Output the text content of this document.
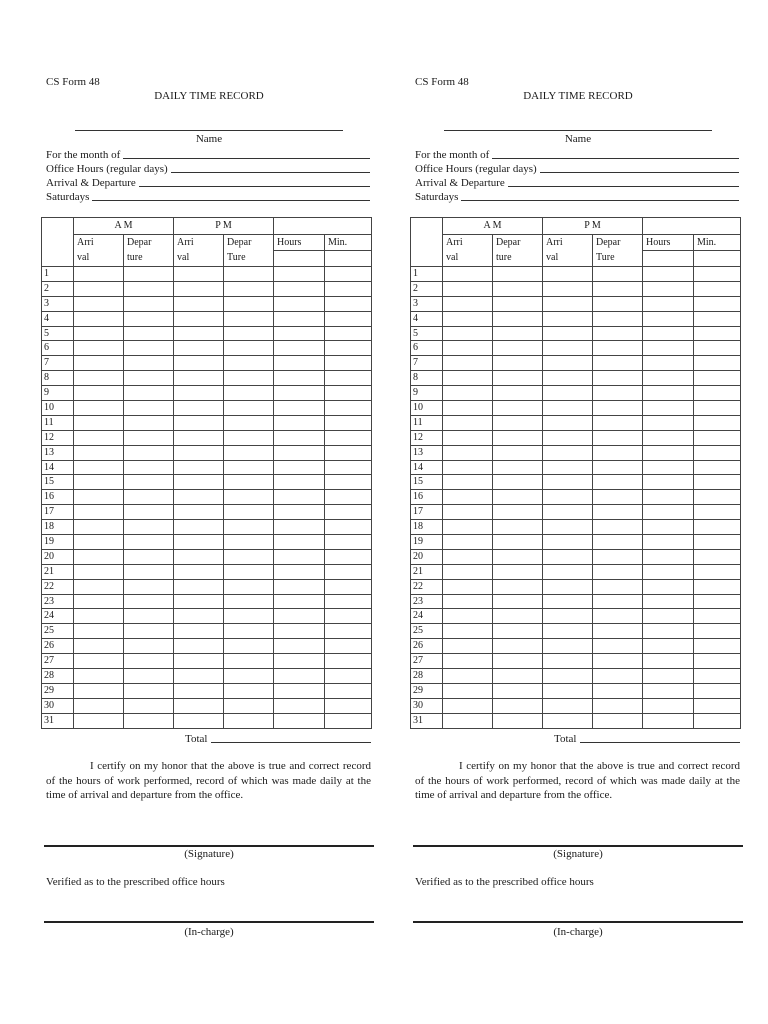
CS Form 48
DAILY TIME RECORD
Name
For the month of
Office Hours (regular days)
Arrival & Departure
Saturdays
	A M		P M			
	Arri	Depar	Arri	Depar	Hours	Min.
	val	ture	val	Ture		
1						
2						
3						
4						
5						
6						
7						
8						
9						
10						
11						
12						
13						
14						
15						
16						
17						
18						
19						
20						
21						
22						
23						
24						
25						
26						
27						
28						
29						
30						
31						
Total

I certify on my honor that the above is true and correct record of the hours of work performed, record of which was made daily at the time of arrival and departure from the office.

(Signature)
Verified as to the prescribed office hours
(In-charge)
CS Form 48
DAILY TIME RECORD
Name
For the month of
Office Hours (regular days)
Arrival & Departure
Saturdays
	A M		P M			
	Arri	Depar	Arri	Depar	Hours	Min.
	val	ture	val	Ture		
1						
2						
3						
4						
5						
6						
7						
8						
9						
10						
11						
12						
13						
14						
15						
16						
17						
18						
19						
20						
21						
22						
23						
24						
25						
26						
27						
28						
29						
30						
31						
Total

I certify on my honor that the above is true and correct record of the hours of work performed, record of which was made daily at the time of arrival and departure from the office.

(Signature)
Verified as to the prescribed office hours
(In-charge)
